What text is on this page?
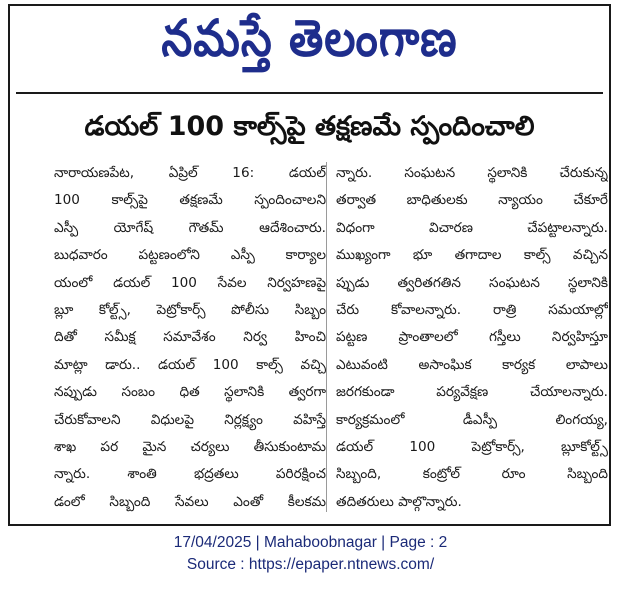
నమస్తే తెలంగాణ
డయల్ 100 కాల్స్‌పై తక్షణమే స్పందించాలి
నారాయణపేట, ఏప్రిల్ 16: డయల్
100 కాల్స్‌పై తక్షణమే స్పందించాలని
ఎస్పీ యోగేష్ గౌతమ్ ఆదేశించారు.
బుధవారం పట్టణంలోని ఎస్పీ కార్యాల
యంలో డయల్ 100 సేవల నిర్వహణపై
బ్లూ కోల్ట్స్, పెట్రోకార్స్ పోలీసు సిబ్బం
దితో సమీక్ష సమావేశం నిర్వ హించి
మాట్లా డారు.. డయల్ 100 కాల్స్ వచ్చి
నప్పుడు సంబం ధిత స్థలానికి త్వరగా
చేరుకోవాలని విధులపై నిర్లక్ష్యం వహిస్తే
శాఖ పర మైన చర్యలు తీసుకుంటామ
న్నారు. శాంతి భద్రతలు పరిరక్షించ
డంలో సిబ్బంది సేవలు ఎంతో కీలకమ
న్నారు. సంఘటన స్థలానికి చేరుకున్న
తర్వాత బాధితులకు న్యాయం చేకూరే
విధంగా విచారణ చేపట్టాలన్నారు.
ముఖ్యంగా భూ తగాదాల కాల్స్ వచ్చిన
ప్పుడు త్వరితగతిన సంఘటన స్థలానికి
చేరు కోవాలన్నారు. రాత్రి సమయాల్లో
పట్టణ ప్రాంతాలలో గస్తీలు నిర్వహిస్తూ
ఎటువంటి అసాంఘిక కార్యక లాపాలు
జరగకుండా పర్యవేక్షణ చేయాలన్నారు.
కార్యక్రమంలో డీఎస్పీ లింగయ్య,
డయల్ 100 పెట్రోకార్స్, బ్లూకోల్ట్స్
సిబ్బంది, కంట్రోల్ రూం సిబ్బంది
తదితరులు పాల్గొన్నారు.
17/04/2025 | Mahaboobnagar | Page : 2
Source : https://epaper.ntnews.com/
